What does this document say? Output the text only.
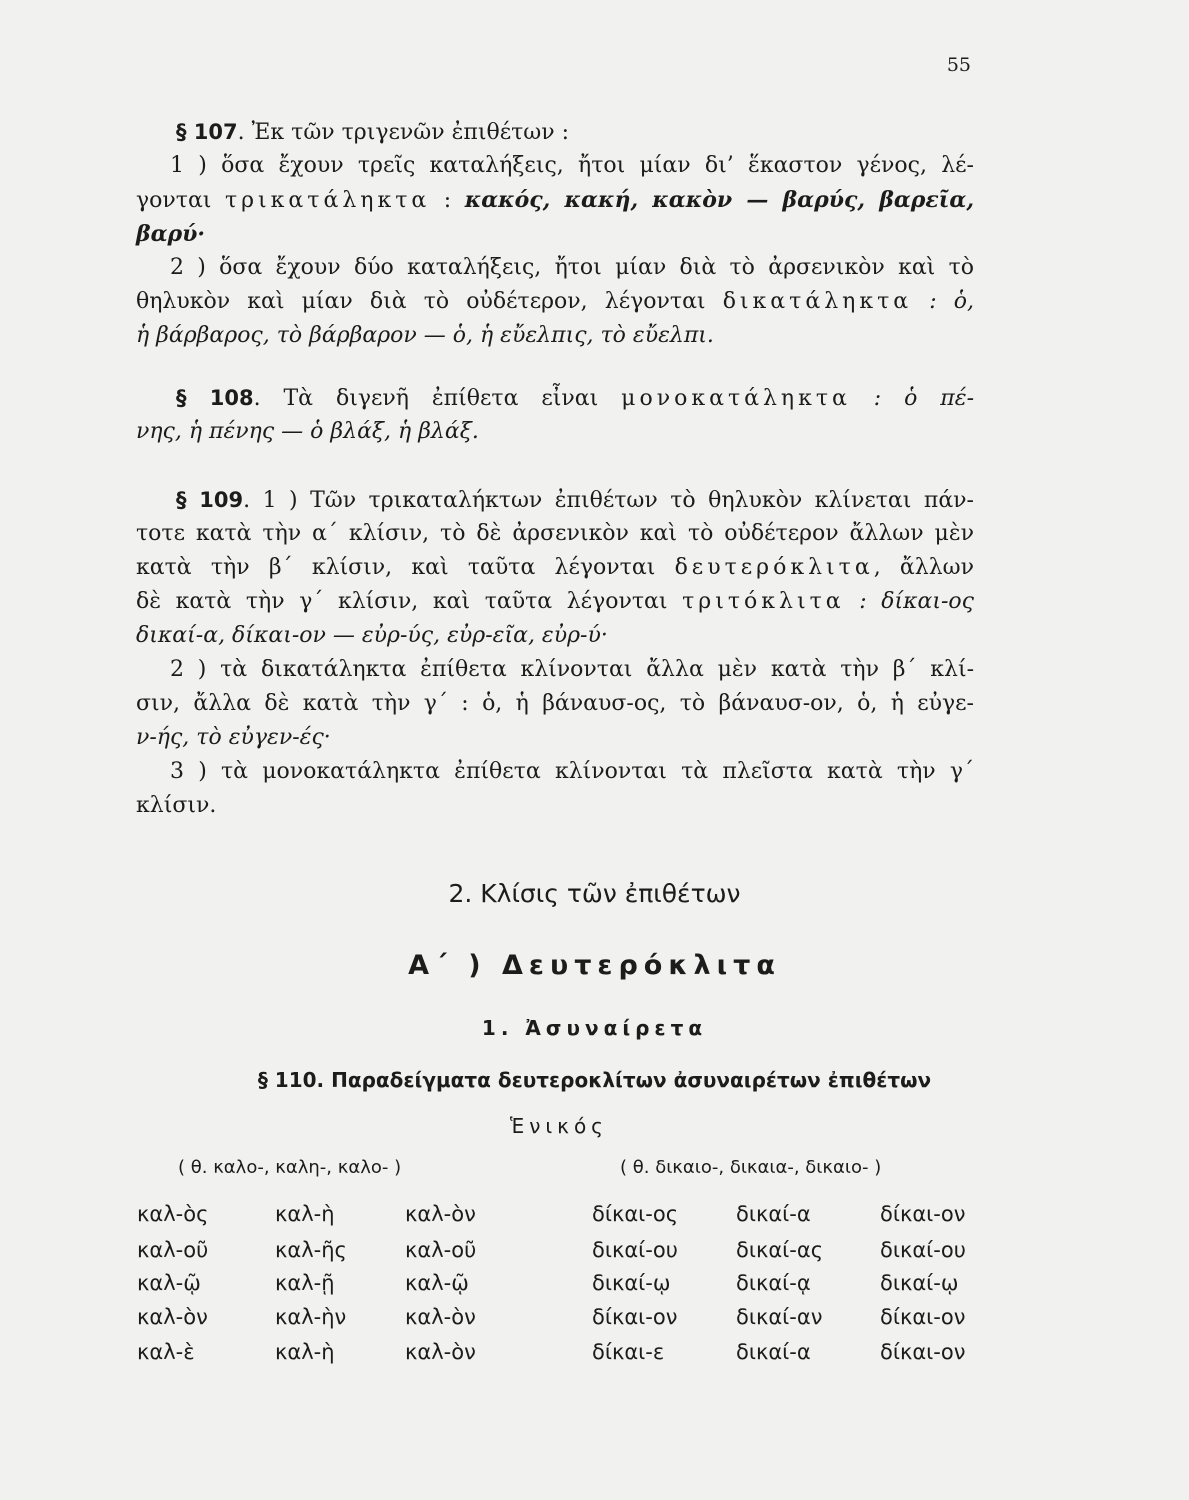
55
§ 107. Ἐκ τῶν τριγενῶν ἐπιθέτων :
1 ) ὅσα ἔχουν τρεῖς καταλήξεις, ἤτοι μίαν δι’ ἕκαστον γένος, λέ-
γονται τρικατάληκτα : κακός, κακή, κακὸν — βαρύς, βαρεῖα,
βαρύ·
2 ) ὅσα ἔχουν δύο καταλήξεις, ἤτοι μίαν διὰ τὸ ἀρσενικὸν καὶ τὸ
θηλυκὸν καὶ μίαν διὰ τὸ οὐδέτερον, λέγονται δικατάληκτα : ὁ,
ἡ βάρβαρος, τὸ βάρβαρον — ὁ, ἡ εὔελπις, τὸ εὔελπι.
§ 108. Τὰ διγενῆ ἐπίθετα εἶναι μονοκατάληκτα : ὁ πέ-
νης, ἡ πένης — ὁ βλάξ, ἡ βλάξ.
§ 109. 1 ) Τῶν τρικαταλήκτων ἐπιθέτων τὸ θηλυκὸν κλίνεται πάν-
τοτε κατὰ τὴν α΄ κλίσιν, τὸ δὲ ἀρσενικὸν καὶ τὸ οὐδέτερον ἄλλων μὲν
κατὰ τὴν β΄ κλίσιν, καὶ ταῦτα λέγονται δευτερόκλιτα, ἄλλων
δὲ κατὰ τὴν γ΄ κλίσιν, καὶ ταῦτα λέγονται τριτόκλιτα : δίκαι-ος
δικαί-α, δίκαι-ον — εὐρ-ύς, εὐρ-εῖα, εὐρ-ύ·
2 ) τὰ δικατάληκτα ἐπίθετα κλίνονται ἄλλα μὲν κατὰ τὴν β΄ κλί-
σιν, ἄλλα δὲ κατὰ τὴν γ΄ : ὁ, ἡ βάναυσ-ος, τὸ βάναυσ-ον, ὁ, ἡ εὐγε-
ν-ής, τὸ εὐγεν-ές·
3 ) τὰ μονοκατάληκτα ἐπίθετα κλίνονται τὰ πλεῖστα κατὰ τὴν γ΄
κλίσιν.
2. Κλίσις τῶν ἐπιθέτων
Α΄ ) Δευτερόκλιτα
1. Ἀσυναίρετα
§ 110. Παραδείγματα δευτεροκλίτων ἀσυναιρέτων ἐπιθέτων
Ἑνικός
( θ. καλο-, καλη-, καλο- )	( θ. δικαιο-, δικαια-, δικαιο- )
καλ-ὸς	καλ-ὴ	καλ-ὸν	δίκαι-ος	δικαί-α	δίκαι-ον
καλ-οῦ	καλ-ῆς	καλ-οῦ	δικαί-ου	δικαί-ας	δικαί-ου
καλ-ῷ	καλ-ῇ	καλ-ῷ	δικαί-ῳ	δικαί-ᾳ	δικαί-ῳ
καλ-ὸν	καλ-ὴν	καλ-ὸν	δίκαι-ον	δικαί-αν	δίκαι-ον
καλ-ὲ	καλ-ὴ	καλ-ὸν	δίκαι-ε	δικαί-α	δίκαι-ον
